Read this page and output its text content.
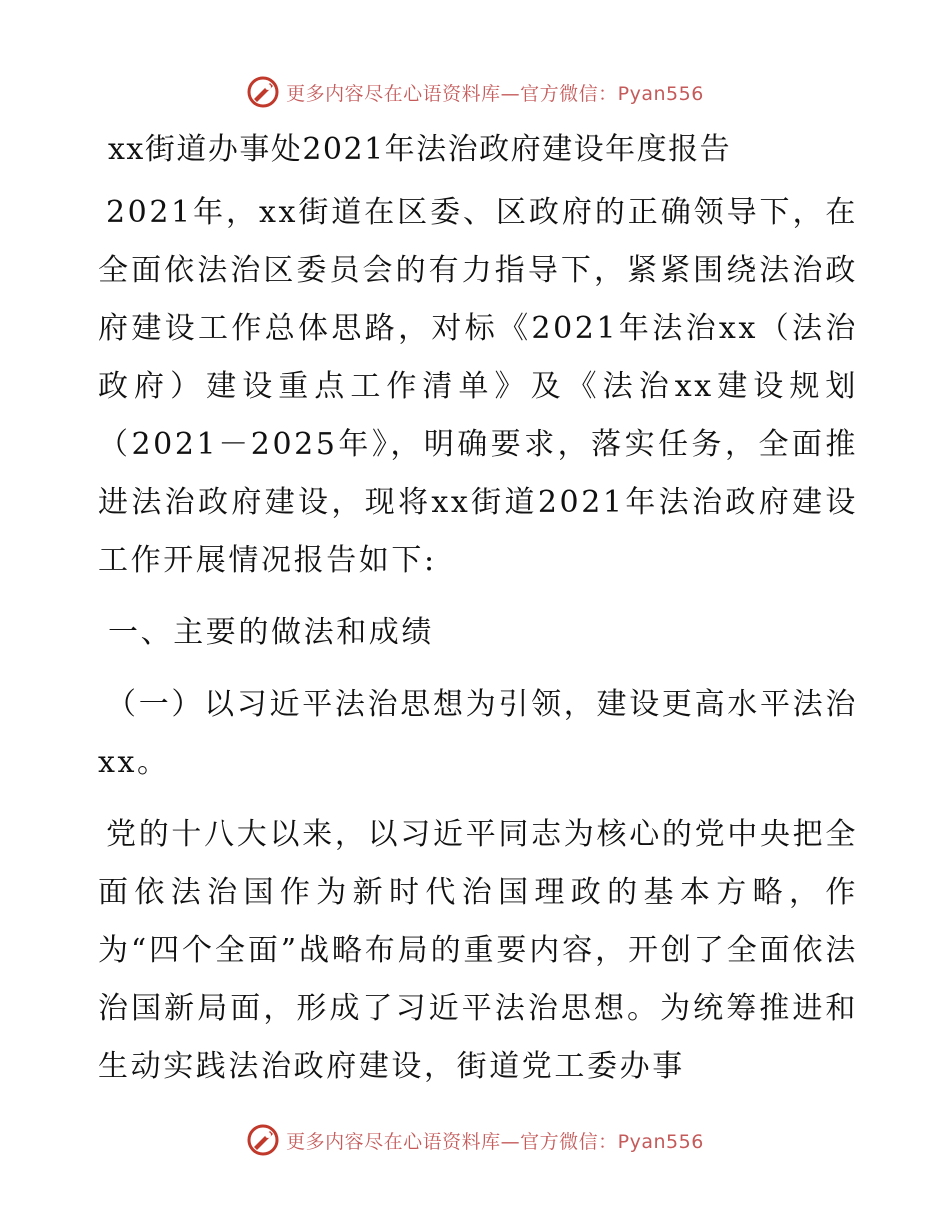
更多内容尽在心语资料库—官方微信：Pyan556
xx街道办事处2021年法治政府建设年度报告
2021年，xx街道在区委、区政府的正确领导下，在全面依法治区委员会的有力指导下，紧紧围绕法治政府建设工作总体思路，对标《2021年法治xx（法治政府）建设重点工作清单》及《法治xx建设规划（2021－2025年》，明确要求，落实任务，全面推进法治政府建设，现将xx街道2021年法治政府建设工作开展情况报告如下:
一、主要的做法和成绩
（一）以习近平法治思想为引领，建设更高水平法治xx。
党的十八大以来，以习近平同志为核心的党中央把全面依法治国作为新时代治国理政的基本方略，作为“四个全面”战略布局的重要内容，开创了全面依法治国新局面，形成了习近平法治思想。为统筹推进和生动实践法治政府建设，街道党工委办事
更多内容尽在心语资料库—官方微信：Pyan556
